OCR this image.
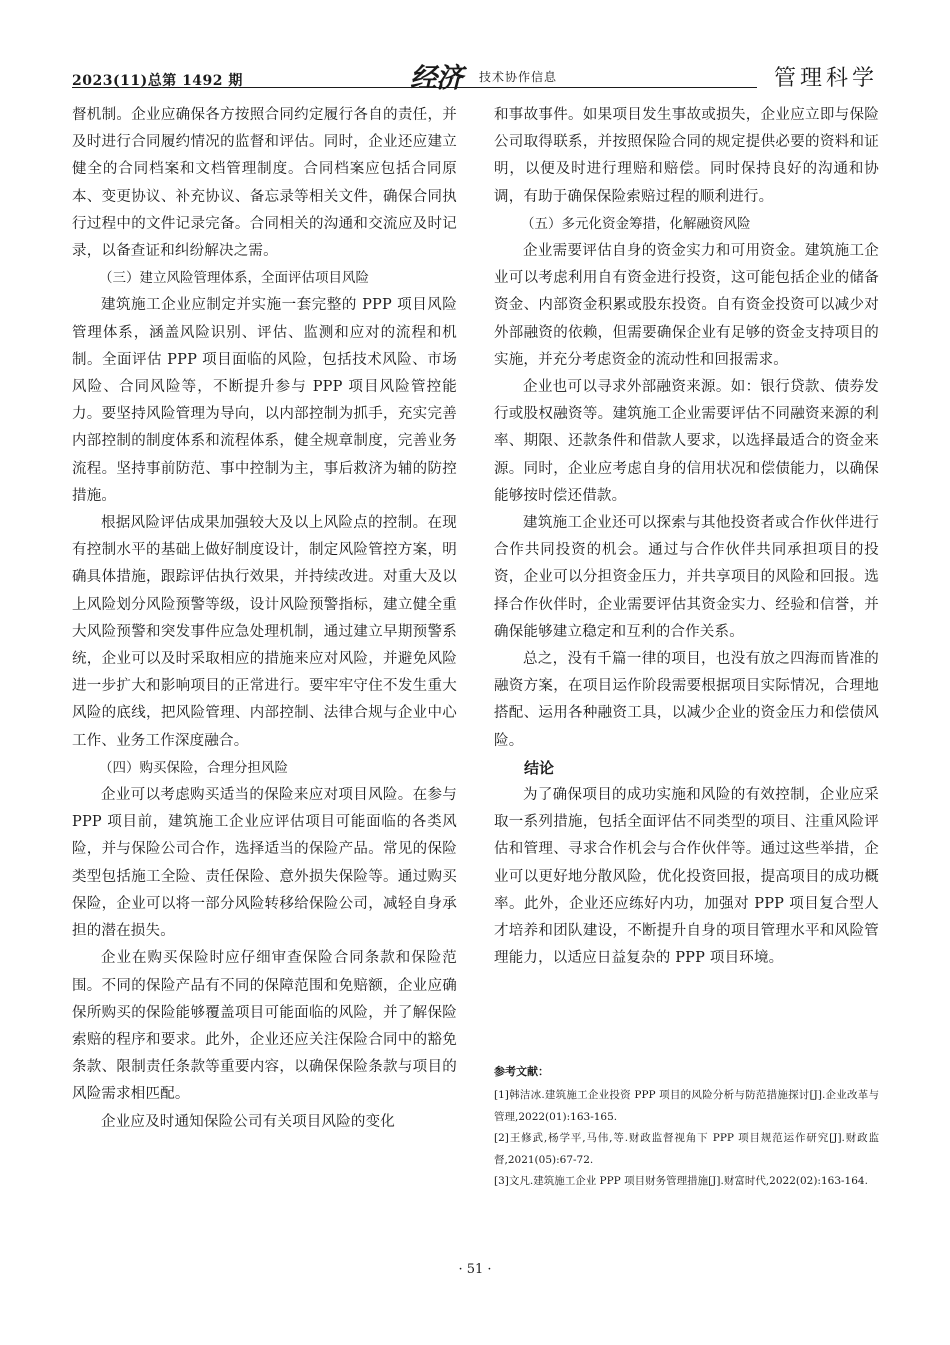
2023(11)总第 1492 期	经济 技术协作信息	管理科学

督机制。企业应确保各方按照合同约定履行各自的责任，并及时进行合同履约情况的监督和评估。同时，企业还应建立健全的合同档案和文档管理制度。合同档案应包括合同原本、变更协议、补充协议、备忘录等相关文件，确保合同执行过程中的文件记录完备。合同相关的沟通和交流应及时记录，以备查证和纠纷解决之需。

（三）建立风险管理体系，全面评估项目风险

建筑施工企业应制定并实施一套完整的 PPP 项目风险管理体系，涵盖风险识别、评估、监测和应对的流程和机制。全面评估 PPP 项目面临的风险，包括技术风险、市场风险、合同风险等，不断提升参与 PPP 项目风险管控能力。要坚持风险管理为导向，以内部控制为抓手，充实完善内部控制的制度体系和流程体系，健全规章制度，完善业务流程。坚持事前防范、事中控制为主，事后救济为辅的防控措施。

根据风险评估成果加强较大及以上风险点的控制。在现有控制水平的基础上做好制度设计，制定风险管控方案，明确具体措施，跟踪评估执行效果，并持续改进。对重大及以上风险划分风险预警等级，设计风险预警指标，建立健全重大风险预警和突发事件应急处理机制，通过建立早期预警系统，企业可以及时采取相应的措施来应对风险，并避免风险进一步扩大和影响项目的正常进行。要牢牢守住不发生重大风险的底线，把风险管理、内部控制、法律合规与企业中心工作、业务工作深度融合。

（四）购买保险，合理分担风险

企业可以考虑购买适当的保险来应对项目风险。在参与 PPP 项目前，建筑施工企业应评估项目可能面临的各类风险，并与保险公司合作，选择适当的保险产品。常见的保险类型包括施工全险、责任保险、意外损失保险等。通过购买保险，企业可以将一部分风险转移给保险公司，减轻自身承担的潜在损失。

企业在购买保险时应仔细审查保险合同条款和保险范围。不同的保险产品有不同的保障范围和免赔额，企业应确保所购买的保险能够覆盖项目可能面临的风险，并了解保险索赔的程序和要求。此外，企业还应关注保险合同中的豁免条款、限制责任条款等重要内容，以确保保险条款与项目的风险需求相匹配。

企业应及时通知保险公司有关项目风险的变化

和事故事件。如果项目发生事故或损失，企业应立即与保险公司取得联系，并按照保险合同的规定提供必要的资料和证明，以便及时进行理赔和赔偿。同时保持良好的沟通和协调，有助于确保保险索赔过程的顺利进行。

（五）多元化资金筹措，化解融资风险

企业需要评估自身的资金实力和可用资金。建筑施工企业可以考虑利用自有资金进行投资，这可能包括企业的储备资金、内部资金积累或股东投资。自有资金投资可以减少对外部融资的依赖，但需要确保企业有足够的资金支持项目的实施，并充分考虑资金的流动性和回报需求。

企业也可以寻求外部融资来源。如：银行贷款、债券发行或股权融资等。建筑施工企业需要评估不同融资来源的利率、期限、还款条件和借款人要求，以选择最适合的资金来源。同时，企业应考虑自身的信用状况和偿债能力，以确保能够按时偿还借款。

建筑施工企业还可以探索与其他投资者或合作伙伴进行合作共同投资的机会。通过与合作伙伴共同承担项目的投资，企业可以分担资金压力，并共享项目的风险和回报。选择合作伙伴时，企业需要评估其资金实力、经验和信誉，并确保能够建立稳定和互利的合作关系。

总之，没有千篇一律的项目，也没有放之四海而皆准的融资方案，在项目运作阶段需要根据项目实际情况，合理地搭配、运用各种融资工具，以减少企业的资金压力和偿债风险。

结论

为了确保项目的成功实施和风险的有效控制，企业应采取一系列措施，包括全面评估不同类型的项目、注重风险评估和管理、寻求合作机会与合作伙伴等。通过这些举措，企业可以更好地分散风险，优化投资回报，提高项目的成功概率。此外，企业还应练好内功，加强对 PPP 项目复合型人才培养和团队建设，不断提升自身的项目管理水平和风险管理能力，以适应日益复杂的 PPP 项目环境。

参考文献：

[1]韩洁冰.建筑施工企业投资 PPP 项目的风险分析与防范措施探讨[J].企业改革与管理,2022(01):163-165.

[2]王修武,杨学平,马伟,等.财政监督视角下 PPP 项目规范运作研究[J].财政监督,2021(05):67-72.

[3]文凡.建筑施工企业 PPP 项目财务管理措施[J].财富时代,2022(02):163-164.

· 51 ·
